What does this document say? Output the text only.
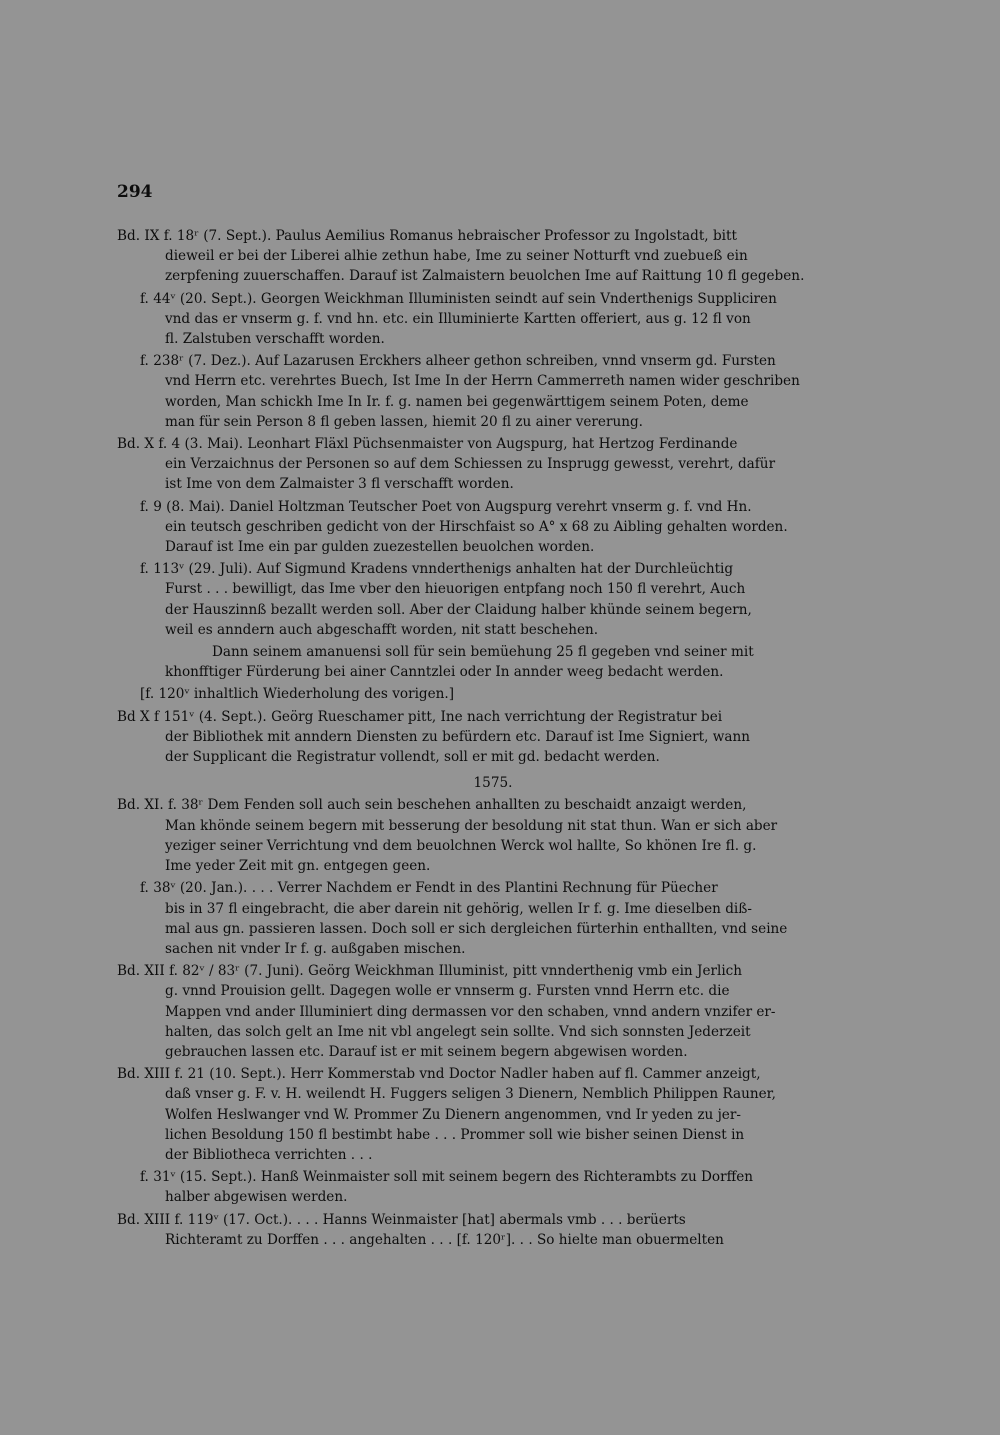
294
Bd. IX f. 18ʳ (7. Sept.). Paulus Aemilius Romanus hebraischer Professor zu Ingolstadt, bitt
dieweil er bei der Liberei alhie zethun habe, Ime zu seiner Notturft vnd zuebueß ein
zerpfening zuuerschaffen. Darauf ist Zalmaistern beuolchen Ime auf Raittung 10 fl gegeben.
f. 44ᵛ (20. Sept.). Georgen Weickhman Illuministen seindt auf sein Vnderthenigs Suppliciren
vnd das er vnserm g. f. vnd hn. etc. ein Illuminierte Kartten offeriert, aus g. 12 fl von
fl. Zalstuben verschafft worden.
f. 238ʳ (7. Dez.). Auf Lazarusen Erckhers alheer gethon schreiben, vnnd vnserm gd. Fursten
vnd Herrn etc. verehrtes Buech, Ist Ime In der Herrn Cammerreth namen wider geschriben
worden, Man schickh Ime In Ir. f. g. namen bei gegenwärttigem seinem Poten, deme
man für sein Person 8 fl geben lassen, hiemit 20 fl zu ainer vererung.
Bd. X f. 4 (3. Mai). Leonhart Fläxl Püchsenmaister von Augspurg, hat Hertzog Ferdinande
ein Verzaichnus der Personen so auf dem Schiessen zu Insprugg gewesst, verehrt, dafür
ist Ime von dem Zalmaister 3 fl verschafft worden.
f. 9 (8. Mai). Daniel Holtzman Teutscher Poet von Augspurg verehrt vnserm g. f. vnd Hn.
ein teutsch geschriben gedicht von der Hirschfaist so A° x 68 zu Aibling gehalten worden.
Darauf ist Ime ein par gulden zuezestellen beuolchen worden.
f. 113ᵛ (29. Juli). Auf Sigmund Kradens vnnderthenigs anhalten hat der Durchleüchtig
Furst . . . bewilligt, das Ime vber den hieuorigen entpfang noch 150 fl verehrt, Auch
der Hauszinnß bezallt werden soll. Aber der Claidung halber khünde seinem begern,
weil es anndern auch abgeschafft worden, nit statt beschehen.
Dann seinem amanuensi soll für sein bemüehung 25 fl gegeben vnd seiner mit
khonfftiger Fürderung bei ainer Canntzlei oder In annder weeg bedacht werden.
[f. 120ᵛ inhaltlich Wiederholung des vorigen.]
Bd X f 151ᵛ (4. Sept.). Geörg Rueschamer pitt, Ine nach verrichtung der Registratur bei
der Bibliothek mit anndern Diensten zu befürdern etc. Darauf ist Ime Signiert, wann
der Supplicant die Registratur vollendt, soll er mit gd. bedacht werden.
1575.
Bd. XI. f. 38ʳ Dem Fenden soll auch sein beschehen anhallten zu beschaidt anzaigt werden,
Man khönde seinem begern mit besserung der besoldung nit stat thun. Wan er sich aber
yeziger seiner Verrichtung vnd dem beuolchnen Werck wol hallte, So khönen Ire fl. g.
Ime yeder Zeit mit gn. entgegen geen.
f. 38ᵛ (20. Jan.). . . . Verrer Nachdem er Fendt in des Plantini Rechnung für Püecher
bis in 37 fl eingebracht, die aber darein nit gehörig, wellen Ir f. g. Ime dieselben diß-
mal aus gn. passieren lassen. Doch soll er sich dergleichen fürterhin enthallten, vnd seine
sachen nit vnder Ir f. g. außgaben mischen.
Bd. XII f. 82ᵛ / 83ʳ (7. Juni). Geörg Weickhman Illuminist, pitt vnnderthenig vmb ein Jerlich
g. vnnd Prouision gellt. Dagegen wolle er vnnserm g. Fursten vnnd Herrn etc. die
Mappen vnd ander Illuminiert ding dermassen vor den schaben, vnnd andern vnzifer er-
halten, das solch gelt an Ime nit vbl angelegt sein sollte. Vnd sich sonnsten Jederzeit
gebrauchen lassen etc. Darauf ist er mit seinem begern abgewisen worden.
Bd. XIII f. 21 (10. Sept.). Herr Kommerstab vnd Doctor Nadler haben auf fl. Cammer anzeigt,
daß vnser g. F. v. H. weilendt H. Fuggers seligen 3 Dienern, Nemblich Philippen Rauner,
Wolfen Heslwanger vnd W. Prommer Zu Dienern angenommen, vnd Ir yeden zu jer-
lichen Besoldung 150 fl bestimbt habe . . . Prommer soll wie bisher seinen Dienst in
der Bibliotheca verrichten . . .
f. 31ᵛ (15. Sept.). Hanß Weinmaister soll mit seinem begern des Richterambts zu Dorffen
halber abgewisen werden.
Bd. XIII f. 119ᵛ (17. Oct.). . . . Hanns Weinmaister [hat] abermals vmb . . . berüerts
Richteramt zu Dorffen . . . angehalten . . . [f. 120ʳ]. . . So hielte man obuermelten
